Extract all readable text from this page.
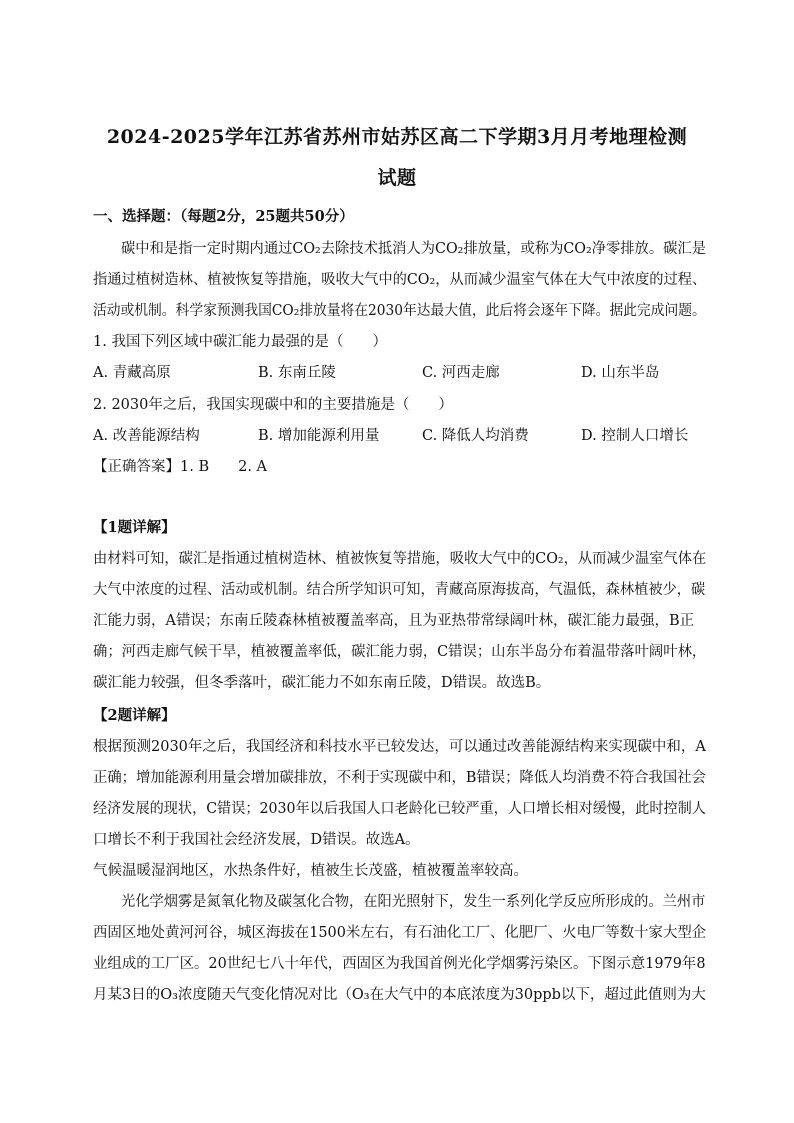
2024-2025学年江苏省苏州市姑苏区高二下学期3月月考地理检测
试题
一、选择题：（每题2分，25题共50分）
碳中和是指一定时期内通过CO₂去除技术抵消人为CO₂排放量，或称为CO₂净零排放。碳汇是
指通过植树造林、植被恢复等措施，吸收大气中的CO₂，从而减少温室气体在大气中浓度的过程、
活动或机制。科学家预测我国CO₂排放量将在2030年达最大值，此后将会逐年下降。据此完成问题。
1. 我国下列区域中碳汇能力最强的是（　　）
A. 青藏高原	B. 东南丘陵	C. 河西走廊	D. 山东半岛
2. 2030年之后，我国实现碳中和的主要措施是（　　）
A. 改善能源结构	B. 增加能源利用量	C. 降低人均消费	D. 控制人口增长
【正确答案】1. B　　2. A
【1题详解】
由材料可知，碳汇是指通过植树造林、植被恢复等措施，吸收大气中的CO₂，从而减少温室气体在
大气中浓度的过程、活动或机制。结合所学知识可知，青藏高原海拔高，气温低，森林植被少，碳
汇能力弱，A错误；东南丘陵森林植被覆盖率高，且为亚热带常绿阔叶林，碳汇能力最强，B正
确；河西走廊气候干旱，植被覆盖率低，碳汇能力弱，C错误；山东半岛分布着温带落叶阔叶林，
碳汇能力较强，但冬季落叶，碳汇能力不如东南丘陵，D错误。故选B。
【2题详解】
根据预测2030年之后，我国经济和科技水平已较发达，可以通过改善能源结构来实现碳中和，A
正确；增加能源利用量会增加碳排放，不利于实现碳中和，B错误；降低人均消费不符合我国社会
经济发展的现状，C错误；2030年以后我国人口老龄化已较严重，人口增长相对缓慢，此时控制人
口增长不利于我国社会经济发展，D错误。故选A。
气候温暖湿润地区，水热条件好，植被生长茂盛，植被覆盖率较高。
光化学烟雾是氮氧化物及碳氢化合物，在阳光照射下，发生一系列化学反应所形成的。兰州市
西固区地处黄河河谷，城区海拔在1500米左右，有石油化工厂、化肥厂、火电厂等数十家大型企
业组成的工厂区。20世纪七八十年代，西固区为我国首例光化学烟雾污染区。下图示意1979年8
月某3日的O₃浓度随天气变化情况对比（O₃在大气中的本底浓度为30ppb以下，超过此值则为大
